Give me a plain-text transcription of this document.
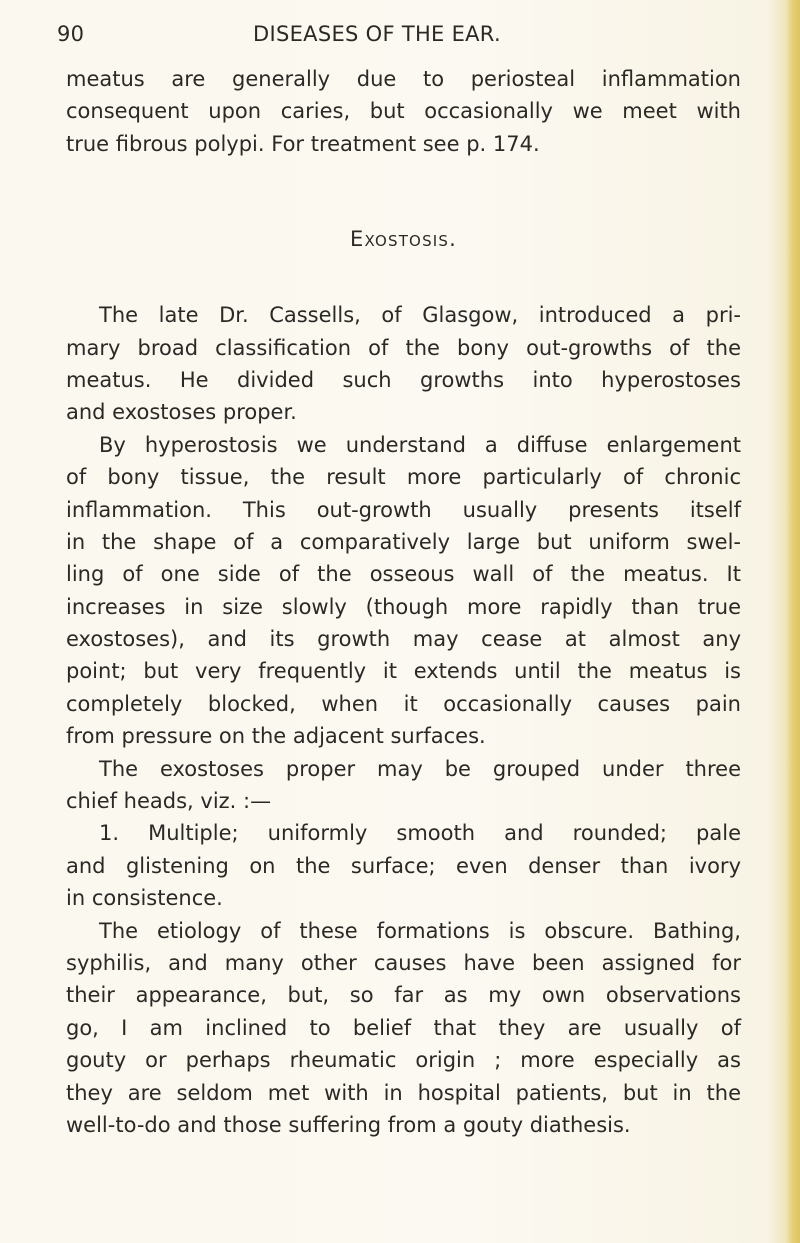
90	DISEASES OF THE EAR.
meatus are generally due to periosteal inflammation
consequent upon caries, but occasionally we meet with
true fibrous polypi. For treatment see p. 174.
Exostosis.
The late Dr. Cassells, of Glasgow, introduced a pri-
mary broad classification of the bony out-growths of the
meatus. He divided such growths into hyperostoses
and exostoses proper.
By hyperostosis we understand a diffuse enlargement
of bony tissue, the result more particularly of chronic
inflammation. This out-growth usually presents itself
in the shape of a comparatively large but uniform swel-
ling of one side of the osseous wall of the meatus. It
increases in size slowly (though more rapidly than true
exostoses), and its growth may cease at almost any
point; but very frequently it extends until the meatus is
completely blocked, when it occasionally causes pain
from pressure on the adjacent surfaces.
The exostoses proper may be grouped under three
chief heads, viz. :—
1. Multiple; uniformly smooth and rounded; pale
and glistening on the surface; even denser than ivory
in consistence.
The etiology of these formations is obscure. Bathing,
syphilis, and many other causes have been assigned for
their appearance, but, so far as my own observations
go, I am inclined to belief that they are usually of
gouty or perhaps rheumatic origin ; more especially as
they are seldom met with in hospital patients, but in the
well-to-do and those suffering from a gouty diathesis.
